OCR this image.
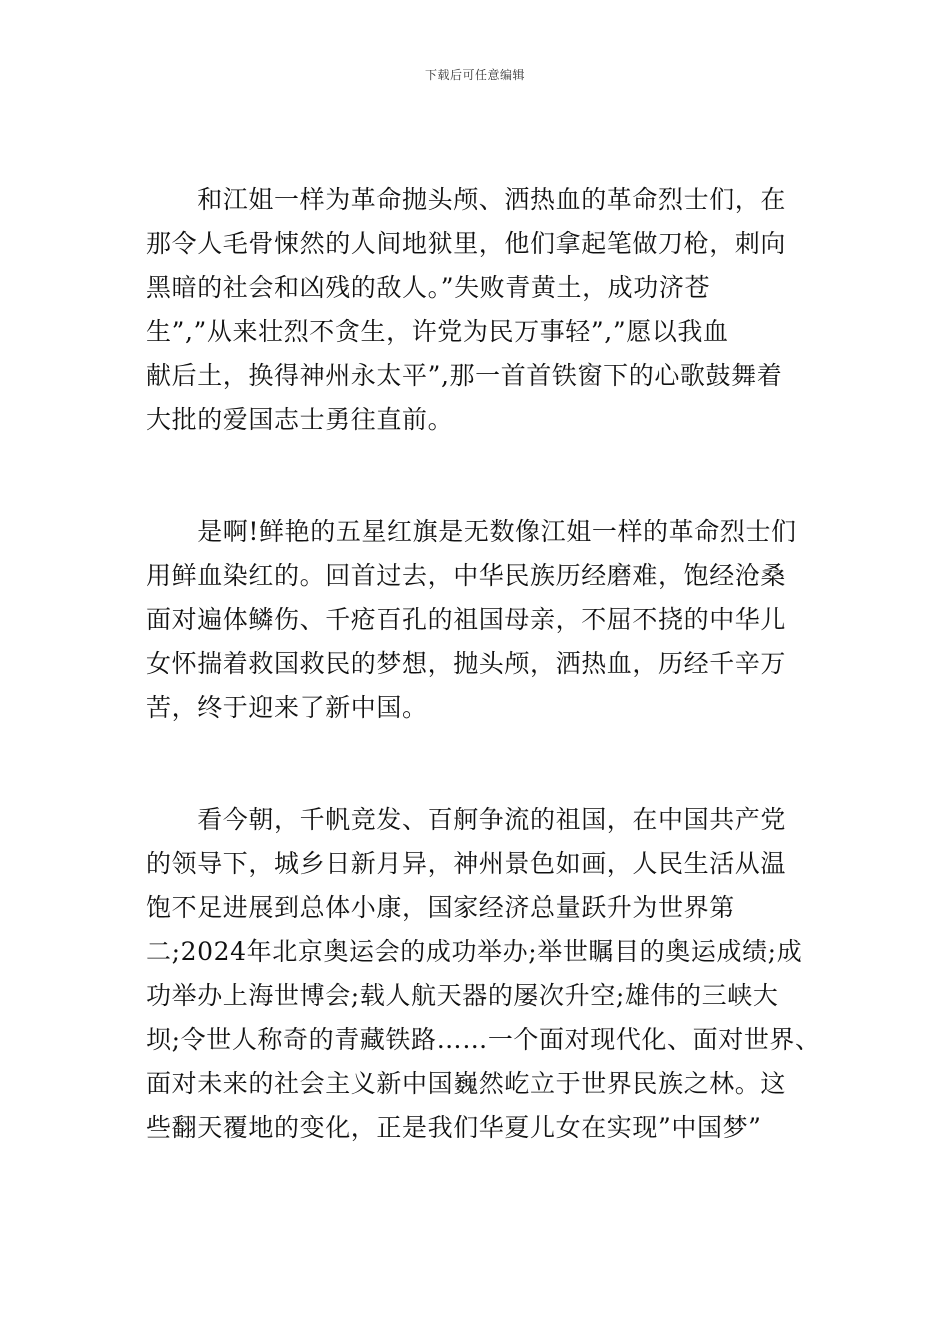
下载后可任意编辑
　　和江姐一样为革命抛头颅、洒热血的革命烈士们，在
那令人毛骨悚然的人间地狱里，他们拿起笔做刀枪，刺向
黑暗的社会和凶残的敌人。”失败青黄土，成功济苍
生”,”从来壮烈不贪生，许党为民万事轻”,”愿以我血
献后土，换得神州永太平”,那一首首铁窗下的心歌鼓舞着
大批的爱国志士勇往直前。
　　是啊!鲜艳的五星红旗是无数像江姐一样的革命烈士们
用鲜血染红的。回首过去，中华民族历经磨难，饱经沧桑
面对遍体鳞伤、千疮百孔的祖国母亲，不屈不挠的中华儿
女怀揣着救国救民的梦想，抛头颅，洒热血，历经千辛万
苦，终于迎来了新中国。
　　看今朝，千帆竞发、百舸争流的祖国，在中国共产党
的领导下，城乡日新月异，神州景色如画，人民生活从温
饱不足进展到总体小康，国家经济总量跃升为世界第
二;2024年北京奥运会的成功举办;举世瞩目的奥运成绩;成
功举办上海世博会;载人航天器的屡次升空;雄伟的三峡大
坝;令世人称奇的青藏铁路……一个面对现代化、面对世界、
面对未来的社会主义新中国巍然屹立于世界民族之林。这
些翻天覆地的变化，正是我们华夏儿女在实现”中国梦”
